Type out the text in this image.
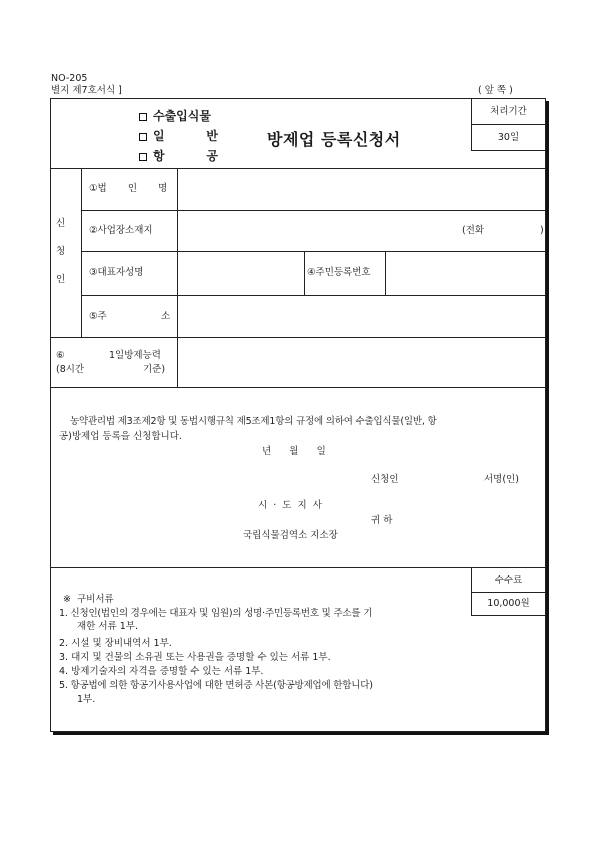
NO-205
별지 제7호서식 ]	( 앞 쪽 )
수출입식물
일          반
항          공
방제업 등록신청서
처리기간
30일
신
청
인
①법       인       명
②사업장소재지	(전화	)
③대표자성명	④주민등록번호
⑤주	소
⑥	1일방제능력
(8시간	기준)
농약관리법 제3조제2항 및 동법시행규칙 제5조제1항의 규정에 의하여 수출입식물(일반, 항
공)방제업 등록을 신청합니다.
년      월      일
신청인	서명(인)
시  ·  도  지  사
귀 하
국립식물검역소 지소장
수수료
10,000원
※  구비서류
1. 신청인(법인의 경우에는 대표자 및 임원)의 성명·주민등록번호 및 주소를 기
재한 서류 1부.
2. 시설 및 장비내역서 1부.
3. 대지 및 건물의 소유권 또는 사용권을 증명할 수 있는 서류 1부.
4. 방제기술자의 자격을 증명할 수 있는 서류 1부.
5. 항공법에 의한 항공기사용사업에 대한 면허증 사본(항공방제업에 한합니다)
1부.
